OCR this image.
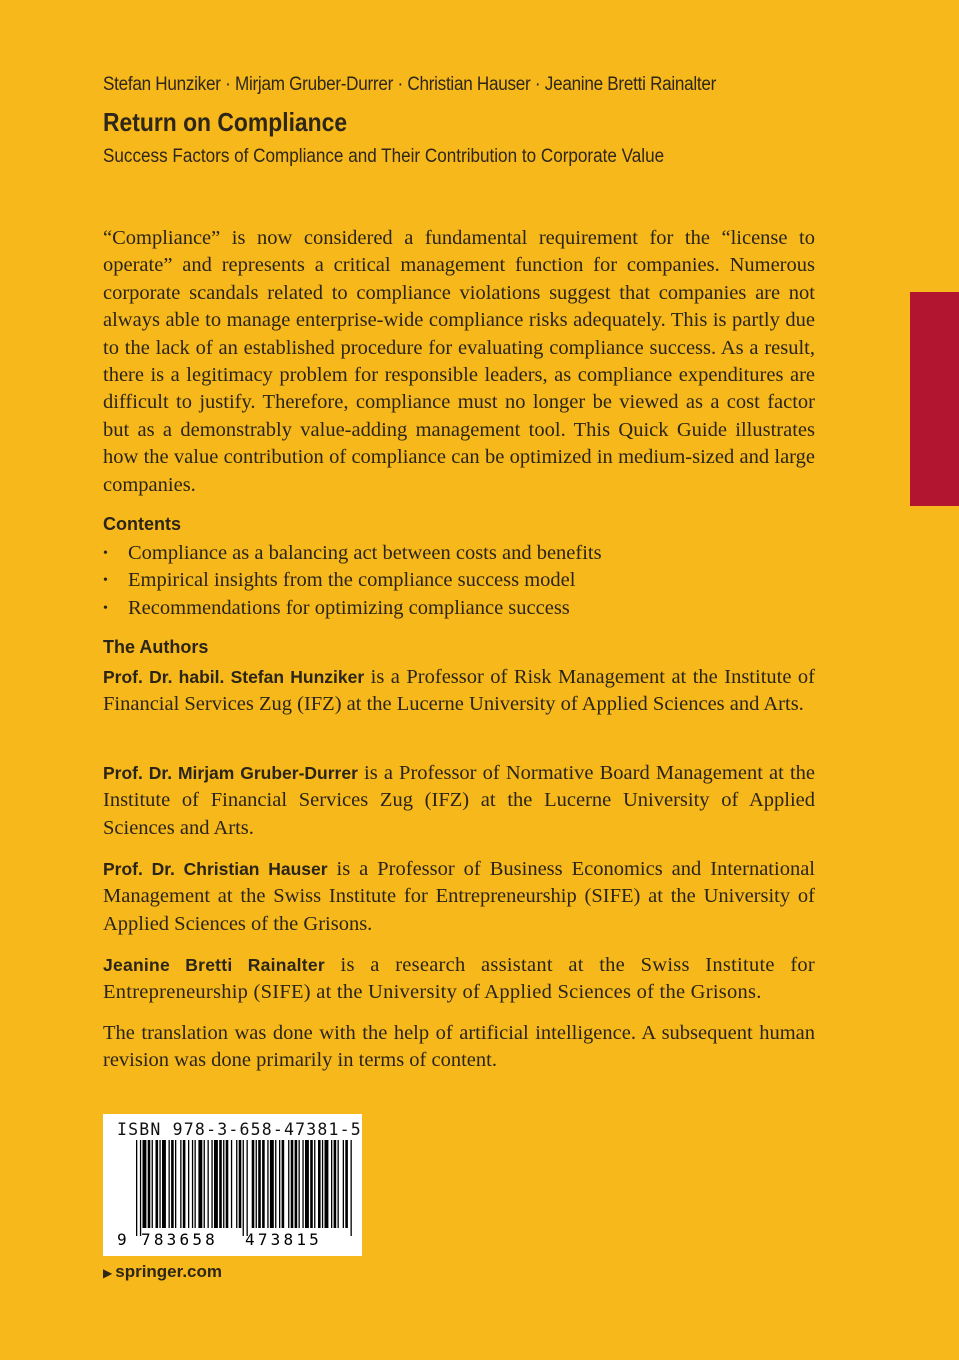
Stefan Hunziker · Mirjam Gruber-Durrer · Christian Hauser · Jeanine Bretti Rainalter
Return on Compliance
Success Factors of Compliance and Their Contribution to Corporate Value

“Compliance” is now considered a fundamental requirement for the “license to operate” and represents a critical management function for companies. Numerous corporate scandals related to compliance violations suggest that companies are not always able to manage enterprise-wide compliance risks adequately. This is partly due to the lack of an established procedure for evaluating compliance success. As a result, there is a legitimacy problem for responsible leaders, as compliance expenditures are difficult to justify. Therefore, compliance must no longer be viewed as a cost factor but as a demonstrably value-adding management tool. This Quick Guide illustrates how the value contribution of compliance can be optimized in medium-sized and large companies.

Contents
• Compliance as a balancing act between costs and benefits
• Empirical insights from the compliance success model
• Recommendations for optimizing compliance success
The Authors

Prof. Dr. habil. Stefan Hunziker is a Professor of Risk Management at the Institute of Financial Services Zug (IFZ) at the Lucerne University of Applied Sciences and Arts.

Prof. Dr. Mirjam Gruber-Durrer is a Professor of Normative Board Management at the Institute of Financial Services Zug (IFZ) at the Lucerne University of Applied Sciences and Arts.

Prof. Dr. Christian Hauser is a Professor of Business Economics and International Management at the Swiss Institute for Entrepreneurship (SIFE) at the University of Applied Sciences of the Grisons.

Jeanine Bretti Rainalter is a research assistant at the Swiss Institute for Entrepreneurship (SIFE) at the University of Applied Sciences of the Grisons.

The translation was done with the help of artificial intelligence. A subsequent human revision was done primarily in terms of content.

ISBN 978-3-658-47381-5
9 783658 473815
▶ springer.com
